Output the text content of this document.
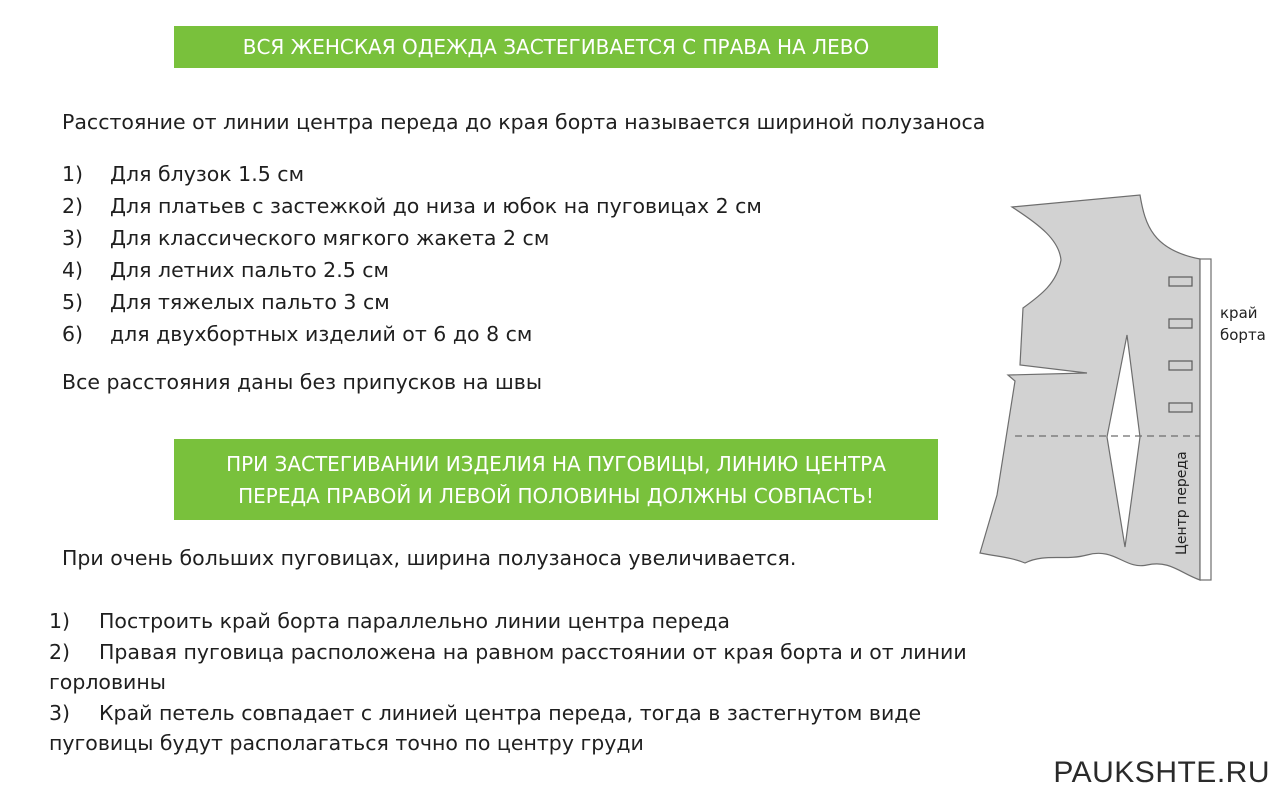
ВСЯ ЖЕНСКАЯ ОДЕЖДА ЗАСТЕГИВАЕТСЯ С ПРАВА НА ЛЕВО
Расстояние от линии центра переда до края борта называется шириной полузаноса
1) Для блузок 1.5 см
2) Для платьев с застежкой до низа и юбок на пуговицах 2 см
3) Для классического мягкого жакета 2 см
4) Для летних пальто 2.5 см
5) Для тяжелых пальто 3 см
6) для двухбортных изделий от 6 до 8 см
Все расстояния даны без припусков на швы
ПРИ ЗАСТЕГИВАНИИ ИЗДЕЛИЯ НА ПУГОВИЦЫ, ЛИНИЮ ЦЕНТРА
ПЕРЕДА ПРАВОЙ И ЛЕВОЙ ПОЛОВИНЫ ДОЛЖНЫ СОВПАСТЬ!
При очень больших пуговицах, ширина полузаноса увеличивается.

1) Построить край борта параллельно линии центра переда

2) Правая пуговица расположена на равном расстоянии от края борта и от линии горловины

3) Край петель совпадает с линией центра переда, тогда в застегнутом виде пуговицы будут располагаться точно по центру груди

край
борта
Центр переда
PAUKSHTE.RU
